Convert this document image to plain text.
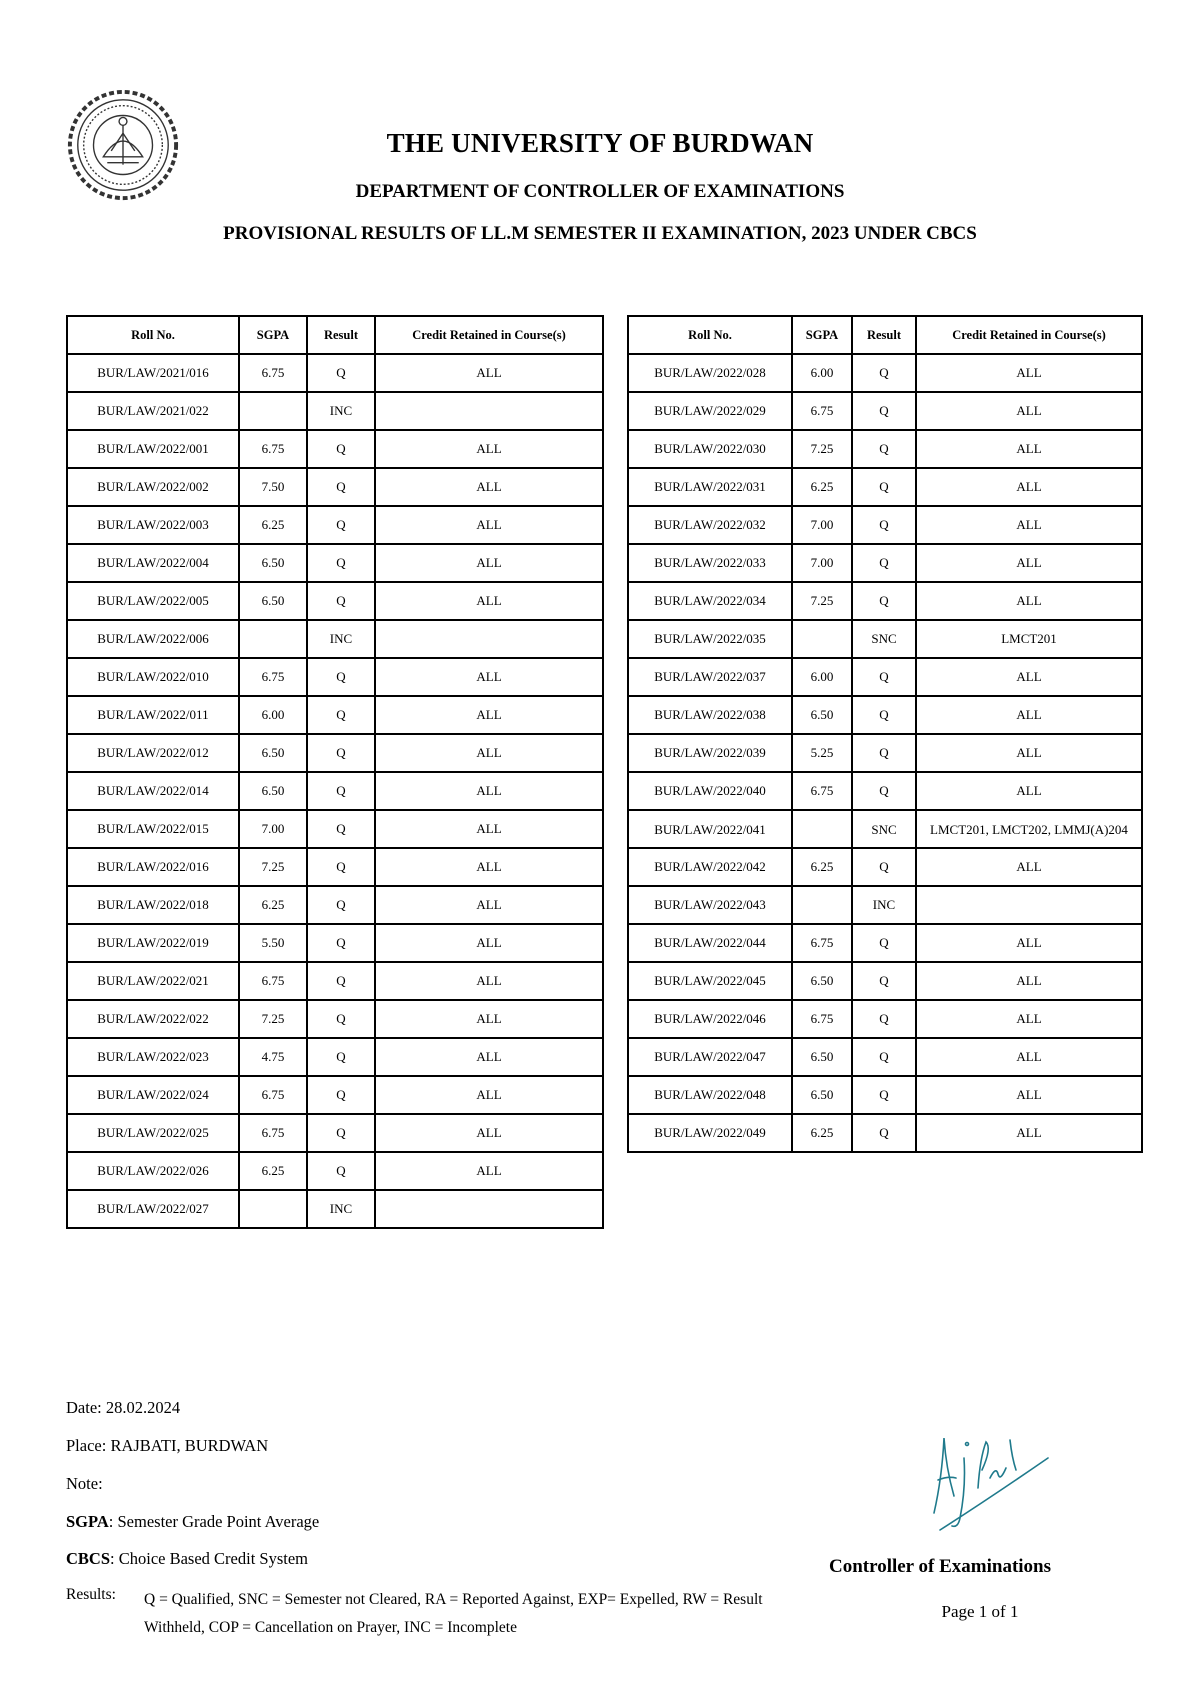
THE UNIVERSITY OF BURDWAN
DEPARTMENT OF CONTROLLER OF EXAMINATIONS
PROVISIONAL RESULTS OF LL.M SEMESTER II EXAMINATION, 2023 UNDER CBCS
Roll No.	SGPA	Result	Credit Retained in Course(s)
BUR/LAW/2021/016	6.75	Q	ALL
BUR/LAW/2021/022		INC	
BUR/LAW/2022/001	6.75	Q	ALL
BUR/LAW/2022/002	7.50	Q	ALL
BUR/LAW/2022/003	6.25	Q	ALL
BUR/LAW/2022/004	6.50	Q	ALL
BUR/LAW/2022/005	6.50	Q	ALL
BUR/LAW/2022/006		INC	
BUR/LAW/2022/010	6.75	Q	ALL
BUR/LAW/2022/011	6.00	Q	ALL
BUR/LAW/2022/012	6.50	Q	ALL
BUR/LAW/2022/014	6.50	Q	ALL
BUR/LAW/2022/015	7.00	Q	ALL
BUR/LAW/2022/016	7.25	Q	ALL
BUR/LAW/2022/018	6.25	Q	ALL
BUR/LAW/2022/019	5.50	Q	ALL
BUR/LAW/2022/021	6.75	Q	ALL
BUR/LAW/2022/022	7.25	Q	ALL
BUR/LAW/2022/023	4.75	Q	ALL
BUR/LAW/2022/024	6.75	Q	ALL
BUR/LAW/2022/025	6.75	Q	ALL
BUR/LAW/2022/026	6.25	Q	ALL
BUR/LAW/2022/027		INC	
Roll No.	SGPA	Result	Credit Retained in Course(s)
BUR/LAW/2022/028	6.00	Q	ALL
BUR/LAW/2022/029	6.75	Q	ALL
BUR/LAW/2022/030	7.25	Q	ALL
BUR/LAW/2022/031	6.25	Q	ALL
BUR/LAW/2022/032	7.00	Q	ALL
BUR/LAW/2022/033	7.00	Q	ALL
BUR/LAW/2022/034	7.25	Q	ALL
BUR/LAW/2022/035		SNC	LMCT201
BUR/LAW/2022/037	6.00	Q	ALL
BUR/LAW/2022/038	6.50	Q	ALL
BUR/LAW/2022/039	5.25	Q	ALL
BUR/LAW/2022/040	6.75	Q	ALL
BUR/LAW/2022/041		SNC	LMCT201, LMCT202, LMMJ(A)204
BUR/LAW/2022/042	6.25	Q	ALL
BUR/LAW/2022/043		INC	
BUR/LAW/2022/044	6.75	Q	ALL
BUR/LAW/2022/045	6.50	Q	ALL
BUR/LAW/2022/046	6.75	Q	ALL
BUR/LAW/2022/047	6.50	Q	ALL
BUR/LAW/2022/048	6.50	Q	ALL
BUR/LAW/2022/049	6.25	Q	ALL
Date: 28.02.2024
Place: RAJBATI, BURDWAN
Note:
SGPA: Semester Grade Point Average
CBCS: Choice Based Credit System
Results: Q = Qualified, SNC = Semester not Cleared, RA = Reported Against, EXP= Expelled, RW = Result Withheld, COP = Cancellation on Prayer, INC = Incomplete
Controller of Examinations
Page 1 of 1
